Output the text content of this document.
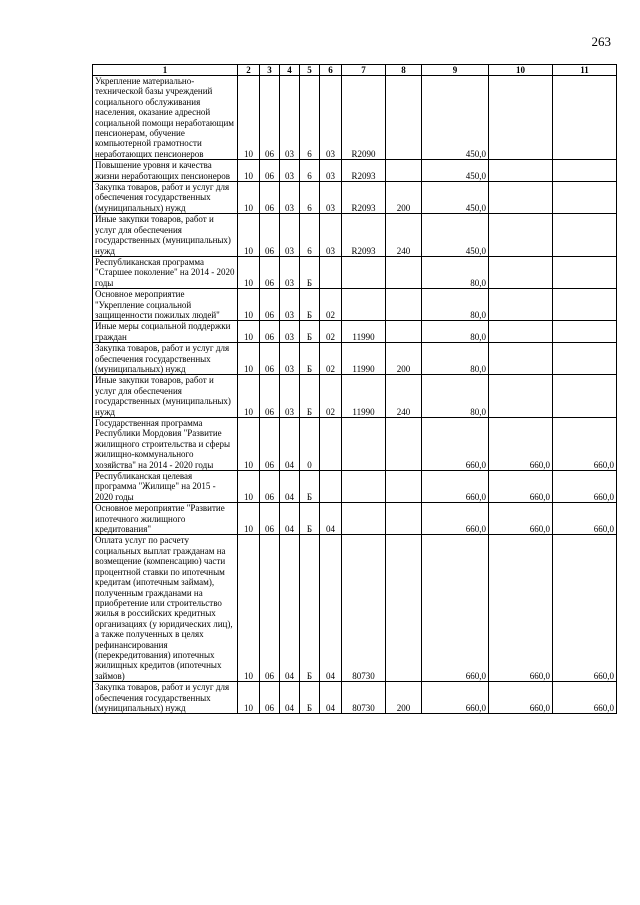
263
1	2	3	4	5	6	7	8	9	10	11
Укрепление материально-технической базы учреждений социального обслуживания населения, оказание адресной социальной помощи неработающим пенсионерам, обучение компьютерной грамотности неработающих пенсионеров	10	06	03	6	03	R2090		450,0		
Повышение уровня и качества жизни неработающих пенсионеров	10	06	03	6	03	R2093		450,0		
Закупка товаров, работ и услуг для обеспечения государственных (муниципальных) нужд	10	06	03	6	03	R2093	200	450,0		
Иные закупки товаров, работ и услуг для обеспечения государственных (муниципальных) нужд	10	06	03	6	03	R2093	240	450,0		
Республиканская программа "Старшее поколение" на 2014 - 2020 годы	10	06	03	Б				80,0		
Основное мероприятие "Укрепление социальной защищенности пожилых людей"	10	06	03	Б	02			80,0		
Иные меры социальной поддержки граждан	10	06	03	Б	02	11990		80,0		
Закупка товаров, работ и услуг для обеспечения государственных (муниципальных) нужд	10	06	03	Б	02	11990	200	80,0		
Иные закупки товаров, работ и услуг для обеспечения государственных (муниципальных) нужд	10	06	03	Б	02	11990	240	80,0		
Государственная программа Республики Мордовия "Развитие жилищного строительства и сферы жилищно-коммунального хозяйства" на 2014 - 2020 годы	10	06	04	0				660,0	660,0	660,0
Республиканская целевая программа "Жилище" на 2015 - 2020 годы	10	06	04	Б				660,0	660,0	660,0
Основное мероприятие "Развитие ипотечного жилищного кредитования"	10	06	04	Б	04			660,0	660,0	660,0
Оплата услуг по расчету социальных выплат гражданам на возмещение (компенсацию) части процентной ставки по ипотечным кредитам (ипотечным займам), полученным гражданами на приобретение или строительство жилья в российских кредитных организациях (у юридических лиц), а также полученных в целях рефинансирования (перекредитования) ипотечных жилищных кредитов (ипотечных займов)	10	06	04	Б	04	80730		660,0	660,0	660,0
Закупка товаров, работ и услуг для обеспечения государственных (муниципальных) нужд	10	06	04	Б	04	80730	200	660,0	660,0	660,0
